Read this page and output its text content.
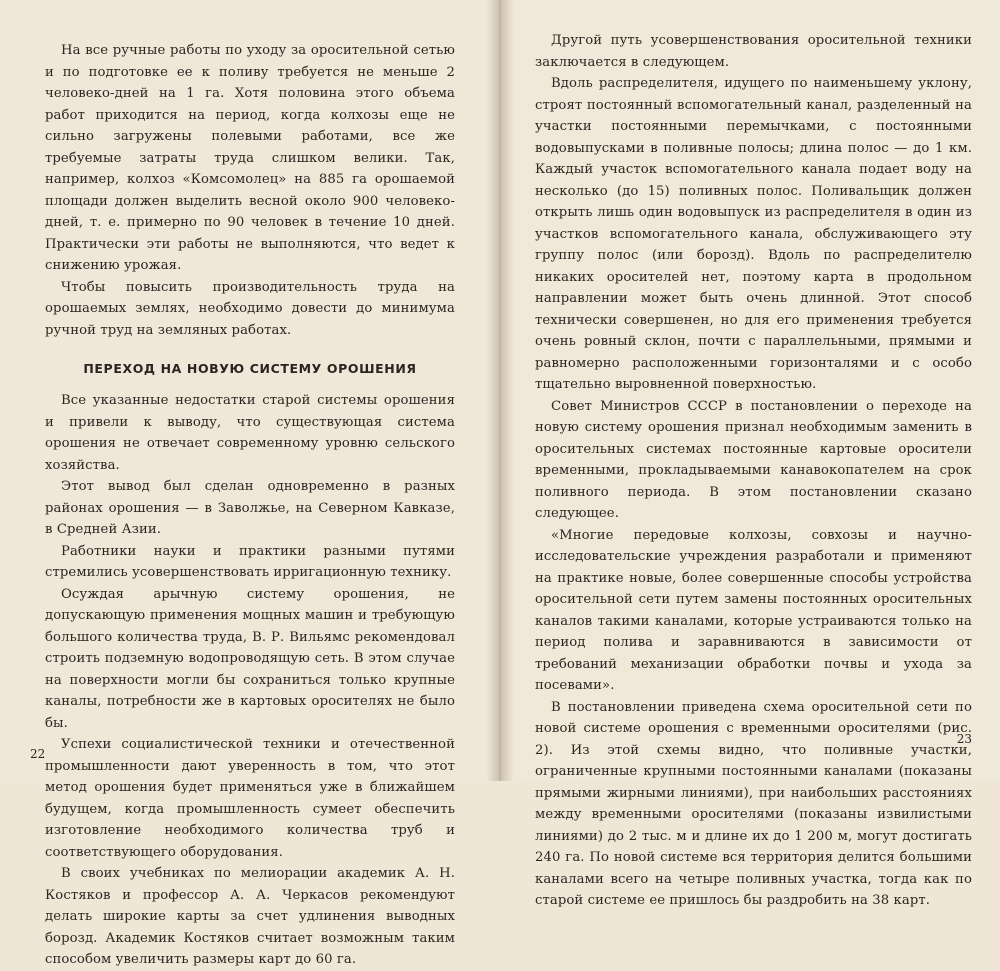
На все ручные работы по уходу за оросительной сетью и по подготовке ее к поливу требуется не меньше 2 человеко-дней на 1 га. Хотя половина этого объема работ приходится на период, когда колхозы еще не сильно загружены полевыми работами, все же требуемые затраты труда слишком велики. Так, например, колхоз «Комсомолец» на 885 га орошаемой площади должен выделить весной около 900 человеко-дней, т. е. примерно по 90 человек в течение 10 дней. Практически эти работы не выполняются, что ведет к снижению урожая.

Чтобы повысить производительность труда на орошаемых землях, необходимо довести до минимума ручной труд на земляных работах.

ПЕРЕХОД НА НОВУЮ СИСТЕМУ ОРОШЕНИЯ

Все указанные недостатки старой системы орошения и привели к выводу, что существующая система орошения не отвечает современному уровню сельского хозяйства.

Этот вывод был сделан одновременно в разных районах орошения — в Заволжье, на Северном Кавказе, в Средней Азии.

Работники науки и практики разными путями стремились усовершенствовать ирригационную технику.

Осуждая арычную систему орошения, не допускающую применения мощных машин и требующую большого количества труда, В. Р. Вильямс рекомендовал строить подземную водопроводящую сеть. В этом случае на поверхности могли бы сохраниться только крупные каналы, потребности же в картовых оросителях не было бы.

Успехи социалистической техники и отечественной промышленности дают уверенность в том, что этот метод орошения будет применяться уже в ближайшем будущем, когда промышленность сумеет обеспечить изготовление необходимого количества труб и соответствующего оборудования.

В своих учебниках по мелиорации академик А. Н. Костяков и профессор А. А. Черкасов рекомендуют делать широкие карты за счет удлинения выводных борозд. Академик Костяков считает возможным таким способом увеличить размеры карт до 60 га.

22

Другой путь усовершенствования оросительной техники заключается в следующем.

Вдоль распределителя, идущего по наименьшему уклону, строят постоянный вспомогательный канал, разделенный на участки постоянными перемычками, с постоянными водовыпусками в поливные полосы; длина полос — до 1 км. Каждый участок вспомогательного канала подает воду на несколько (до 15) поливных полос. Поливальщик должен открыть лишь один водовыпуск из распределителя в один из участков вспомогательного канала, обслуживающего эту группу полос (или борозд). Вдоль по распределителю никаких оросителей нет, поэтому карта в продольном направлении может быть очень длинной. Этот способ технически совершенен, но для его применения требуется очень ровный склон, почти с параллельными, прямыми и равномерно расположенными горизонталями и с особо тщательно выровненной поверхностью.

Совет Министров СССР в постановлении о переходе на новую систему орошения признал необходимым заменить в оросительных системах постоянные картовые оросители временными, прокладываемыми канавокопателем на срок поливного периода. В этом постановлении сказано следующее.

«Многие передовые колхозы, совхозы и научно-исследовательские учреждения разработали и применяют на практике новые, более совершенные способы устройства оросительной сети путем замены постоянных оросительных каналов такими каналами, которые устраиваются только на период полива и заравниваются в зависимости от требований механизации обработки почвы и ухода за посевами».

В постановлении приведена схема оросительной сети по новой системе орошения с временными оросителями (рис. 2). Из этой схемы видно, что поливные участки, ограниченные крупными постоянными каналами (показаны прямыми жирными линиями), при наибольших расстояниях между временными оросителями (показаны извилистыми линиями) до 2 тыс. м и длине их до 1 200 м, могут достигать 240 га. По новой системе вся территория делится большими каналами всего на четыре поливных участка, тогда как по старой системе ее пришлось бы раздробить на 38 карт.

23
